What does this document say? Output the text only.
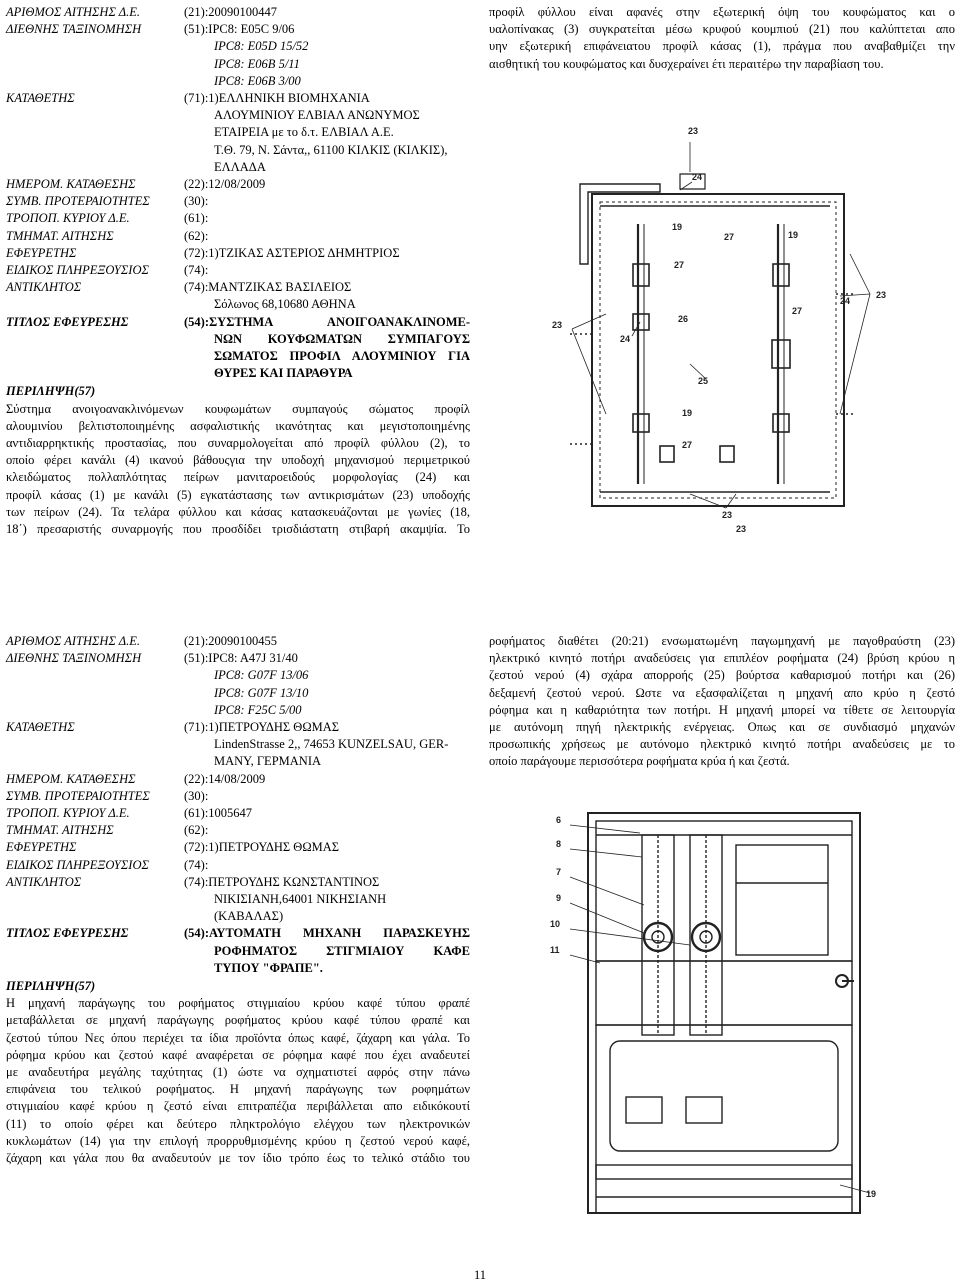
ΑΡΙΘΜΟΣ ΑΙΤΗΣΗΣ Δ.Ε.	(21):20090100447
ΔΙΕΘΝΗΣ ΤΑΞΙΝΟΜΗΣΗ	(51):IPC8: E05C 9/06
IPC8: E05D 15/52
IPC8: E06B 5/11
IPC8: E06B 3/00
ΚΑΤΑΘΕΤΗΣ	(71):1)ΕΛΛΗΝΙΚΗ ΒΙΟΜΗΧΑΝΙΑ
ΑΛΟΥΜΙΝΙΟΥ ΕΛΒΙΑΛ ΑΝΩΝΥΜΟΣ
ΕΤΑΙΡΕΙΑ με το δ.τ. ΕΛΒΙΑΛ Α.Ε.
Τ.Θ. 79, Ν. Σάντα,, 61100 ΚΙΛΚΙΣ (ΚΙΛΚΙΣ),
ΕΛΛΑΔΑ
ΗΜΕΡΟΜ. ΚΑΤΑΘΕΣΗΣ	(22):12/08/2009
ΣΥΜΒ. ΠΡΟΤΕΡΑΙΟΤΗΤΕΣ	(30):
ΤΡΟΠΟΠ. ΚΥΡΙΟΥ Δ.Ε.	(61):
ΤΜΗΜΑΤ. ΑΙΤΗΣΗΣ	(62):
ΕΦΕΥΡΕΤΗΣ	(72):1)ΤΖΙΚΑΣ ΑΣΤΕΡΙΟΣ ΔΗΜΗΤΡΙΟΣ
ΕΙΔΙΚΟΣ ΠΛΗΡΕΞΟΥΣΙΟΣ	(74):
ΑΝΤΙΚΛΗΤΟΣ	(74):ΜΑΝΤΖΙΚΑΣ ΒΑΣΙΛΕΙΟΣ
Σόλωνος 68,10680 ΑΘΗΝΑ
ΤΙΤΛΟΣ ΕΦΕΥΡΕΣΗΣ	(54):ΣΥΣΤΗΜΑ ΑΝΟΙΓΟΑΝΑΚΛΙΝΟΜΕ-
ΝΩΝ ΚΟΥΦΩΜΑΤΩΝ ΣΥΜΠΑΓΟΥΣ
ΣΩΜΑΤΟΣ ΠΡΟΦΙΛ ΑΛΟΥΜΙΝΙΟΥ ΓΙΑ
ΘΥΡΕΣ ΚΑΙ ΠΑΡΑΘΥΡΑ
ΠΕΡΙΛΗΨΗ(57)
Σύστημα ανοιγοανακλινόμενων κουφωμάτων συμπαγούς σώματος προφίλ
αλουμινίου βελτιστοποιημένης ασφαλιστικής ικανότητας και μεγιστοποιημένης
αντιδιαρρηκτικής προστασίας, που συναρμολογείται από προφίλ φύλλου (2), το
οποίο φέρει κανάλι (4) ικανού βάθουςγια την υποδοχή μηχανισμού περιμετρικού
κλειδώματος πολλαπλότητας πείρων μανιταροειδούς μορφολογίας (24) και
προφίλ κάσας (1) με κανάλι (5) εγκατάστασης των αντικρισμάτων (23) υποδοχής
των πείρων (24). Τα τελάρα φύλλου και κάσας κατασκευάζονται με γωνίες (18,
18΄) πρεσαριστής συναρμογής που προσδίδει τρισδιάστατη στιβαρή ακαμψία. Το
προφίλ φύλλου είναι αφανές στην εξωτερική όψη του κουφώματος και ο
υαλοπίνακας (3) συγκρατείται μέσω κρυφού κουμπιού (21) που καλύπτεται απο
υην εξωτερική επιφάνειατου προφίλ κάσας (1), πράγμα που αναβαθμίζει την
αισθητική του κουφώματος και δυσχεραίνει έτι περαιτέρω την παραβίαση του.
23
24
19
27	19
27
23
27
24
23
24
26
25
19
27
23
23
ΑΡΙΘΜΟΣ ΑΙΤΗΣΗΣ Δ.Ε.	(21):20090100455
ΔΙΕΘΝΗΣ ΤΑΞΙΝΟΜΗΣΗ	(51):IPC8: A47J 31/40
IPC8: G07F 13/06
IPC8: G07F 13/10
IPC8: F25C 5/00
ΚΑΤΑΘΕΤΗΣ	(71):1)ΠΕΤΡΟΥΔΗΣ ΘΩΜΑΣ
LindenStrasse 2,, 74653 KUNZELSAU, GER-
MANY, ΓΕΡΜΑΝΙΑ
ΗΜΕΡΟΜ. ΚΑΤΑΘΕΣΗΣ	(22):14/08/2009
ΣΥΜΒ. ΠΡΟΤΕΡΑΙΟΤΗΤΕΣ	(30):
ΤΡΟΠΟΠ. ΚΥΡΙΟΥ Δ.Ε.	(61):1005647
ΤΜΗΜΑΤ. ΑΙΤΗΣΗΣ	(62):
ΕΦΕΥΡΕΤΗΣ	(72):1)ΠΕΤΡΟΥΔΗΣ ΘΩΜΑΣ
ΕΙΔΙΚΟΣ ΠΛΗΡΕΞΟΥΣΙΟΣ	(74):
ΑΝΤΙΚΛΗΤΟΣ	(74):ΠΕΤΡΟΥΔΗΣ ΚΩΝΣΤΑΝΤΙΝΟΣ
ΝΙΚΙΣΙΑΝΗ,64001 ΝΙΚΗΣΙΑΝΗ
(ΚΑΒΑΛΑΣ)
ΤΙΤΛΟΣ ΕΦΕΥΡΕΣΗΣ	(54):ΑΥΤΟΜΑΤΗ ΜΗΧΑΝΗ ΠΑΡΑΣΚΕΥΗΣ
ΡΟΦΗΜΑΤΟΣ ΣΤΙΓΜΙΑΙΟΥ ΚΑΦΕ
ΤΥΠΟΥ "ΦΡΑΠΕ".
ΠΕΡΙΛΗΨΗ(57)
Η μηχανή παράγωγης του ροφήματος στιγμιαίου κρύου καφέ τύπου φραπέ
μεταβάλλεται σε μηχανή παράγωγης ροφήματος κρύου καφέ τύπου φραπέ και
ζεστού τύπου Νες όπου περιέχει τα ίδια προϊόντα όπως καφέ, ζάχαρη και γάλα. Το
ρόφημα κρύου και ζεστού καφέ αναφέρεται σε ρόφημα καφέ που έχει αναδευτεί
με αναδευτήρα μεγάλης ταχύτητας (1) ώστε να σχηματιστεί αφρός στην πάνω
επιφάνεια του τελικού ροφήματος. Η μηχανή παράγωγης των ροφημάτων
στιγμιαίου καφέ κρύου η ζεστό είναι επιτραπέζια περιβάλλεται απο ειδικόκουτί
(11) το οποίο φέρει και δεύτερο πληκτρολόγιο ελέγχου των ηλεκτρονικών
κυκλωμάτων (14) για την επιλογή προρρυθμισμένης κρύου η ζεστού νερού καφέ,
ζάχαρη και γάλα που θα αναδευτούν με τον ίδιο τρόπο έως το τελικό στάδιο του
ροφήματος διαθέτει (20:21) ενσωματωμένη παγωμηχανή με παγοθραύστη (23)
ηλεκτρικό κινητό ποτήρι αναδεύσεις για επιπλέον ροφήματα (24) βρύση κρύου η
ζεστού νερού (4) σχάρα απορροής (25) βούρτσα καθαρισμού ποτήρι και (26)
δεξαμενή ζεστού νερού. Ωστε να εξασφαλίζεται η μηχανή απο κρύο η ζεστό
ρόφημα και η καθαριότητα των ποτήρι. Η μηχανή μπορεί να τίθετε σε λειτουργία
με αυτόνομη πηγή ηλεκτρικής ενέργειας. Οπως και σε συνδιασμό μηχανών
προσωπικής χρήσεως με αυτόνομο ηλεκτρικό κινητό ποτήρι αναδεύσεις με το
οποίο παράγουμε περισσότερα ροφήματα κρύα ή και ζεστά.
6
8
7
9
10
11
19
11
